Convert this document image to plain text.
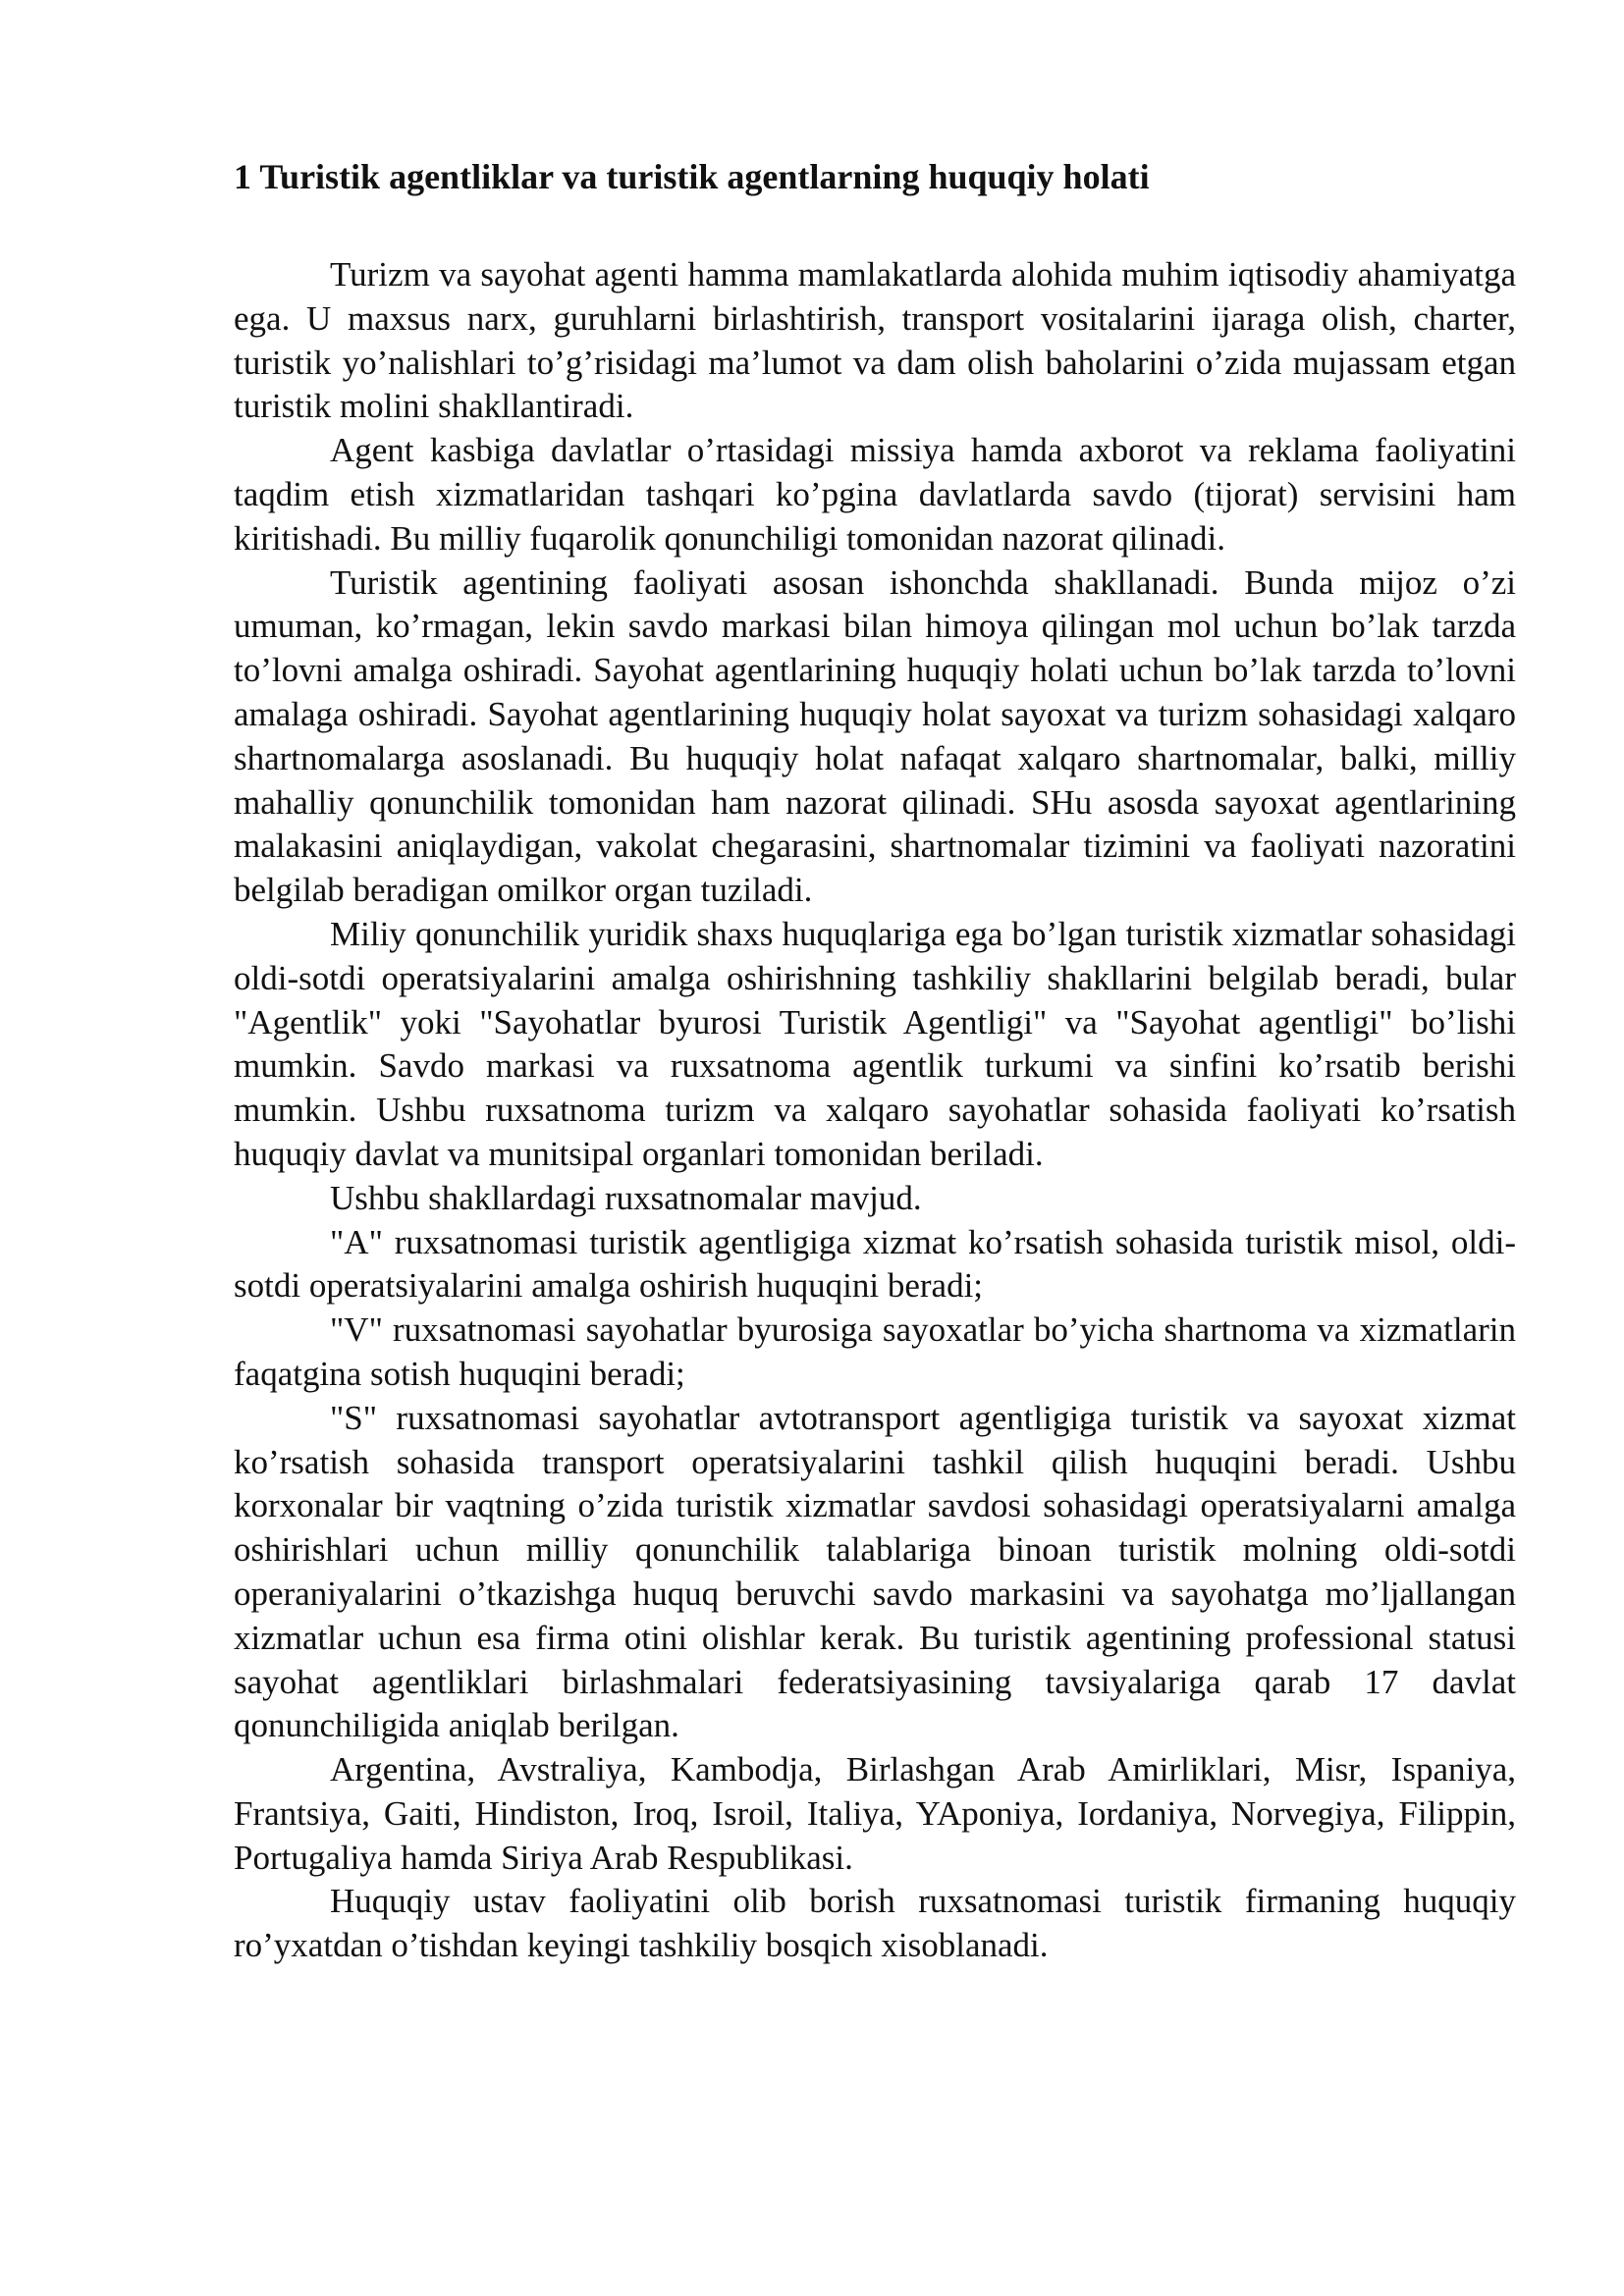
1 Turistik agentliklar va turistik agentlarning huquqiy holati

Turizm va sayohat agenti hamma mamlakatlarda alohida muhim iqtisodiy ahamiyatga ega. U maxsus narx, guruhlarni birlashtirish, transport vositalarini ijaraga olish, charter, turistik yo’nalishlari to’g’risidagi ma’lumot va dam olish baholarini o’zida mujassam etgan turistik molini shakllantiradi.

Agent kasbiga davlatlar o’rtasidagi missiya hamda axborot va reklama faoliyatini taqdim etish xizmatlaridan tashqari ko’pgina davlatlarda savdo (tijorat) servisini ham kiritishadi. Bu milliy fuqarolik qonunchiligi tomonidan nazorat qilinadi.

Turistik agentining faoliyati asosan ishonchda shakllanadi. Bunda mijoz o’zi umuman, ko’rmagan, lekin savdo markasi bilan himoya qilingan mol uchun bo’lak tarzda to’lovni amalga oshiradi. Sayohat agentlarining huquqiy holati uchun bo’lak tarzda to’lovni amalaga oshiradi. Sayohat agentlarining huquqiy holat sayoxat va turizm sohasidagi xalqaro shartnomalarga asoslanadi. Bu huquqiy holat nafaqat xalqaro shartnomalar, balki, milliy mahalliy qonunchilik tomonidan ham nazorat qilinadi. SHu asosda sayoxat agentlarining malakasini aniqlaydigan, vakolat chegarasini, shartnomalar tizimini va faoliyati nazoratini belgilab beradigan omilkor organ tuziladi.

Miliy qonunchilik yuridik shaxs huquqlariga ega bo’lgan turistik xizmatlar sohasidagi oldi-sotdi operatsiyalarini amalga oshirishning tashkiliy shakllarini belgilab beradi, bular "Agentlik" yoki "Sayohatlar byurosi Turistik Agentligi" va "Sayohat agentligi" bo’lishi mumkin. Savdo markasi va ruxsatnoma agentlik turkumi va sinfini ko’rsatib berishi mumkin. Ushbu ruxsatnoma turizm va xalqaro sayohatlar sohasida faoliyati ko’rsatish huquqiy davlat va munitsipal organlari tomonidan beriladi.

Ushbu shakllardagi ruxsatnomalar mavjud.

"A" ruxsatnomasi turistik agentligiga xizmat ko’rsatish sohasida turistik misol, oldi-sotdi operatsiyalarini amalga oshirish huquqini beradi;

"V" ruxsatnomasi sayohatlar byurosiga sayoxatlar bo’yicha shartnoma va xizmatlarin faqatgina sotish huquqini beradi;

"S" ruxsatnomasi sayohatlar avtotransport agentligiga turistik va sayoxat xizmat ko’rsatish sohasida transport operatsiyalarini tashkil qilish huquqini beradi. Ushbu korxonalar bir vaqtning o’zida turistik xizmatlar savdosi sohasidagi operatsiyalarni amalga oshirishlari uchun milliy qonunchilik talablariga binoan turistik molning oldi-sotdi operaniyalarini o’tkazishga huquq beruvchi savdo markasini va sayohatga mo’ljallangan xizmatlar uchun esa firma otini olishlar kerak. Bu turistik agentining professional statusi sayohat agentliklari birlashmalari federatsiyasining tavsiyalariga qarab 17 davlat qonunchiligida aniqlab berilgan.

Argentina, Avstraliya, Kambodja, Birlashgan Arab Amirliklari, Misr, Ispaniya, Frantsiya, Gaiti, Hindiston, Iroq, Isroil, Italiya, YAponiya, Iordaniya, Norvegiya, Filippin, Portugaliya hamda Siriya Arab Respublikasi.

Huquqiy ustav faoliyatini olib borish ruxsatnomasi turistik firmaning huquqiy ro’yxatdan o’tishdan keyingi tashkiliy bosqich xisoblanadi.
